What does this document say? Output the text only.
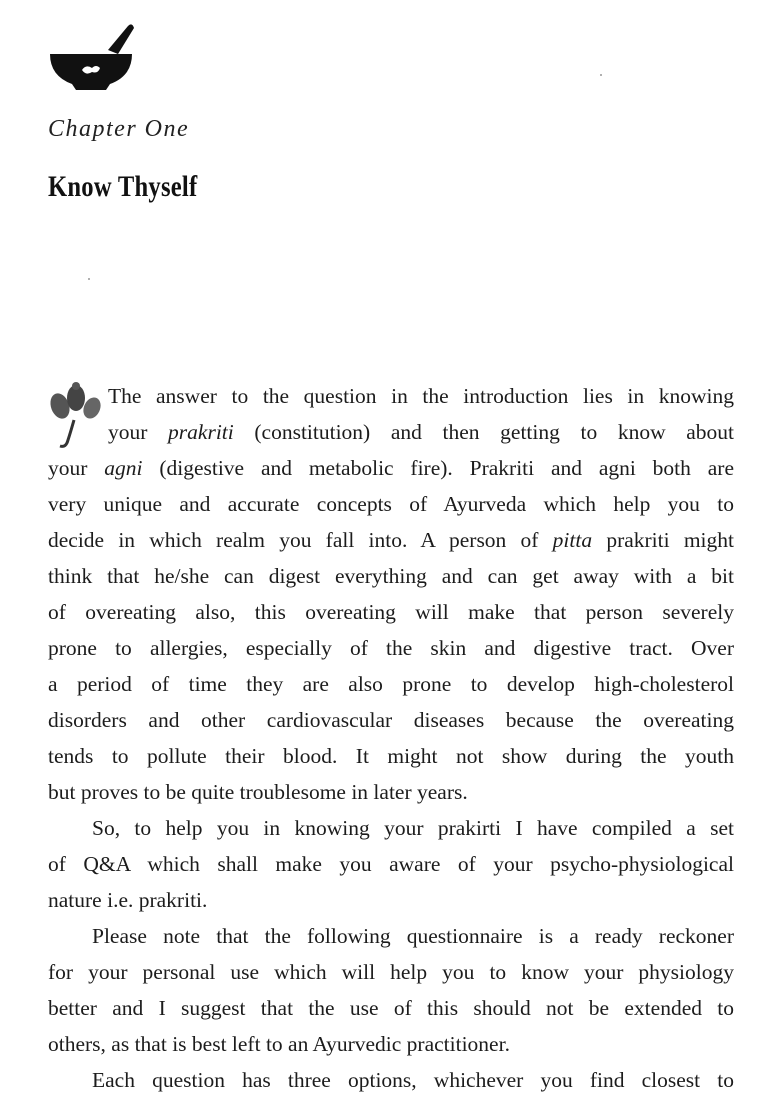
Chapter One
Know Thyself
The answer to the question in the introduction lies in knowing
your prakriti (constitution) and then getting to know about
your agni (digestive and metabolic fire). Prakriti and agni both are
very unique and accurate concepts of Ayurveda which help you to
decide in which realm you fall into. A person of pitta prakriti might
think that he/she can digest everything and can get away with a bit
of overeating also, this overeating will make that person severely
prone to allergies, especially of the skin and digestive tract. Over
a period of time they are also prone to develop high-cholesterol
disorders and other cardiovascular diseases because the overeating
tends to pollute their blood. It might not show during the youth
but proves to be quite troublesome in later years.
So, to help you in knowing your prakirti I have compiled a set
of Q&A which shall make you aware of your psycho-physiological
nature i.e. prakriti.
Please note that the following questionnaire is a ready reckoner
for your personal use which will help you to know your physiology
better and I suggest that the use of this should not be extended to
others, as that is best left to an Ayurvedic practitioner.
Each question has three options, whichever you find closest to
